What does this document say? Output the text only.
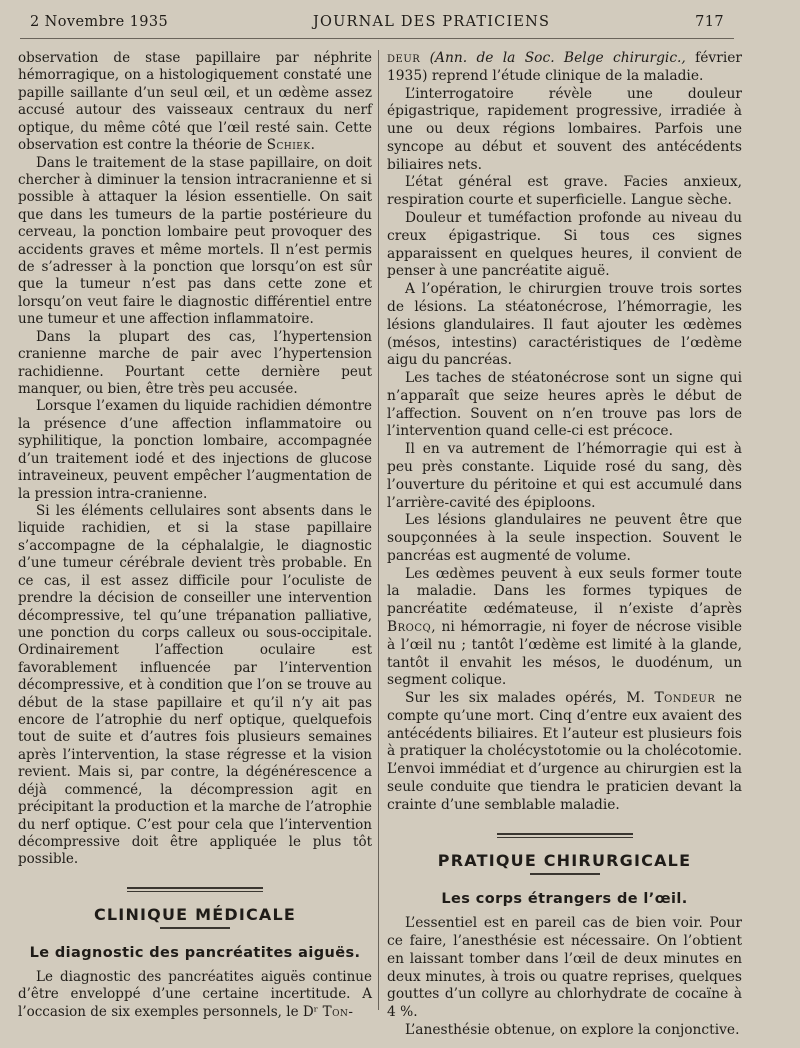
2 Novembre 1935	JOURNAL DES PRATICIENS	717

observation de stase papillaire par néphrite hémorragique, on a histologiquement constaté une papille saillante d’un seul œil, et un œdème assez accusé autour des vaisseaux centraux du nerf optique, du même côté que l’œil resté sain. Cette observation est contre la théorie de Schiek.

Dans le traitement de la stase papillaire, on doit chercher à diminuer la tension intracranienne et si possible à attaquer la lésion essentielle. On sait que dans les tumeurs de la partie postérieure du cerveau, la ponction lombaire peut provoquer des accidents graves et même mortels. Il n’est permis de s’adresser à la ponction que lorsqu’on est sûr que la tumeur n’est pas dans cette zone et lorsqu’on veut faire le diagnostic différentiel entre une tumeur et une affection inflammatoire.

Dans la plupart des cas, l’hypertension cranienne marche de pair avec l’hypertension rachidienne. Pourtant cette dernière peut manquer, ou bien, être très peu accusée.

Lorsque l’examen du liquide rachidien démontre la présence d’une affection inflammatoire ou syphilitique, la ponction lombaire, accompagnée d’un traitement iodé et des injections de glucose intraveineux, peuvent empêcher l’augmentation de la pression intra-cranienne.

Si les éléments cellulaires sont absents dans le liquide rachidien, et si la stase papillaire s’accompagne de la céphalalgie, le diagnostic d’une tumeur cérébrale devient très probable. En ce cas, il est assez difficile pour l’oculiste de prendre la décision de conseiller une intervention décompressive, tel qu’une trépanation palliative, une ponction du corps calleux ou sous-occipitale. Ordinairement l’affection oculaire est favorablement influencée par l’intervention décompressive, et à condition que l’on se trouve au début de la stase papillaire et qu’il n’y ait pas encore de l’atrophie du nerf optique, quelquefois tout de suite et d’autres fois plusieurs semaines après l’intervention, la stase régresse et la vision revient. Mais si, par contre, la dégénérescence a déjà commencé, la décompression agit en précipitant la production et la marche de l’atrophie du nerf optique. C’est pour cela que l’intervention décompressive doit être appliquée le plus tôt possible.

CLINIQUE MÉDICALE
Le diagnostic des pancréatites aiguës.

Le diagnostic des pancréatites aiguës continue d’être enveloppé d’une certaine incertitude. A l’occasion de six exemples personnels, le Dʳ Ton-

deur (Ann. de la Soc. Belge chirurgic., février 1935) reprend l’étude clinique de la maladie.

L’interrogatoire révèle une douleur épigastrique, rapidement progressive, irradiée à une ou deux régions lombaires. Parfois une syncope au début et souvent des antécédents biliaires nets.

L’état général est grave. Facies anxieux, respiration courte et superficielle. Langue sèche.

Douleur et tuméfaction profonde au niveau du creux épigastrique. Si tous ces signes apparaissent en quelques heures, il convient de penser à une pancréatite aiguë.

A l’opération, le chirurgien trouve trois sortes de lésions. La stéatonécrose, l’hémorragie, les lésions glandulaires. Il faut ajouter les œdèmes (mésos, intestins) caractéristiques de l’œdème aigu du pancréas.

Les taches de stéatonécrose sont un signe qui n’apparaît que seize heures après le début de l’affection. Souvent on n’en trouve pas lors de l’intervention quand celle-ci est précoce.

Il en va autrement de l’hémorragie qui est à peu près constante. Liquide rosé du sang, dès l’ouverture du péritoine et qui est accumulé dans l’arrière-cavité des épiploons.

Les lésions glandulaires ne peuvent être que soupçonnées à la seule inspection. Souvent le pancréas est augmenté de volume.

Les œdèmes peuvent à eux seuls former toute la maladie. Dans les formes typiques de pancréatite œdémateuse, il n’existe d’après Brocq, ni hémorragie, ni foyer de nécrose visible à l’œil nu ; tantôt l’œdème est limité à la glande, tantôt il envahit les mésos, le duodénum, un segment colique.

Sur les six malades opérés, M. Tondeur ne compte qu’une mort. Cinq d’entre eux avaient des antécédents biliaires. Et l’auteur est plusieurs fois à pratiquer la cholécystotomie ou la cholécotomie. L’envoi immédiat et d’urgence au chirurgien est la seule conduite que tiendra le praticien devant la crainte d’une semblable maladie.

PRATIQUE CHIRURGICALE
Les corps étrangers de l’œil.

L’essentiel est en pareil cas de bien voir. Pour ce faire, l’anesthésie est nécessaire. On l’obtient en laissant tomber dans l’œil de deux minutes en deux minutes, à trois ou quatre reprises, quelques gouttes d’un collyre au chlorhydrate de cocaïne à 4 %.

L’anesthésie obtenue, on explore la conjonctive.
